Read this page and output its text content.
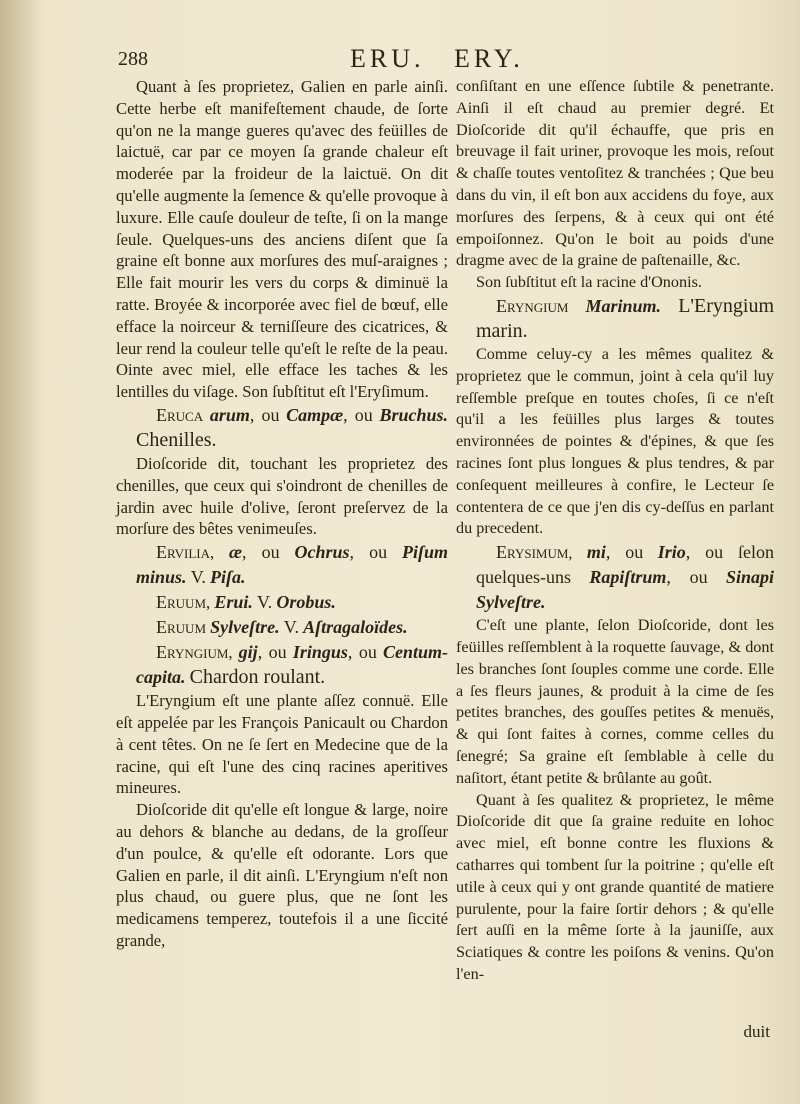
288	ERU. ERY.

Quant à ſes proprietez, Galien en parle ainſi. Cette herbe eſt manifeſtement chaude, de ſorte qu'on ne la mange gueres qu'avec des feüilles de laictuë, car par ce moyen ſa grande chaleur eſt moderée par la froideur de la laictuë. On dit qu'elle augmente la ſemence & qu'elle provoque à luxure. Elle cauſe douleur de teſte, ſi on la mange ſeule. Quelques-uns des anciens diſent que ſa graine eſt bonne aux morſures des muſ-araignes ; Elle fait mourir les vers du corps & diminuë la ratte. Broyée & incorporée avec fiel de bœuf, elle efface la noirceur & terniſſeure des cicatrices, & leur rend la couleur telle qu'eſt le reſte de la peau. Ointe avec miel, elle efface les taches & les lentilles du viſage. Son ſubſtitut eſt l'Eryſimum.

Eruca arum, ou Campæ, ou Bruchus. Chenilles.

Dioſcoride dit, touchant les proprietez des chenilles, que ceux qui s'oindront de chenilles de jardin avec huile d'olive, ſeront preſervez de la morſure des bêtes venimeuſes.

Ervilia, æ, ou Ochrus, ou Piſum minus. V. Piſa.

Eruum, Erui. V. Orobus.

Eruum Sylveſtre. V. Aſtragaloïdes.

Eryngium, gij, ou Iringus, ou Centum-capita. Chardon roulant.

L'Eryngium eſt une plante aſſez connuë. Elle eſt appelée par les François Panicault ou Chardon à cent têtes. On ne ſe ſert en Medecine que de la racine, qui eſt l'une des cinq racines aperitives mineures.

Dioſcoride dit qu'elle eſt longue & large, noire au dehors & blanche au dedans, de la groſſeur d'un poulce, & qu'elle eſt odorante. Lors que Galien en parle, il dit ainſi. L'Eryngium n'eſt non plus chaud, ou guere plus, que ne ſont les medicamens temperez, toutefois il a une ſiccité grande,

conſiſtant en une eſſence ſubtile & penetrante. Ainſi il eſt chaud au premier degré. Et Dioſcoride dit qu'il échauffe, que pris en breuvage il fait uriner, provoque les mois, reſout & chaſſe toutes ventoſitez & tranchées ; Que beu dans du vin, il eſt bon aux accidens du foye, aux morſures des ſerpens, & à ceux qui ont été empoiſonnez. Qu'on le boit au poids d'une dragme avec de la graine de paſtenaille, &c.

Son ſubſtitut eſt la racine d'Ononis.

Eryngium Marinum. L'Eryngium marin.

Comme celuy-cy a les mêmes qualitez & proprietez que le commun, joint à cela qu'il luy reſſemble preſque en toutes choſes, ſi ce n'eſt qu'il a les feüilles plus larges & toutes environnées de pointes & d'épines, & que ſes racines ſont plus longues & plus tendres, & par conſequent meilleures à confire, le Lecteur ſe contentera de ce que j'en dis cy-deſſus en parlant du precedent.

Erysimum, mi, ou Irio, ou ſelon quelques-uns Rapiſtrum, ou Sinapi Sylveſtre.

C'eſt une plante, ſelon Dioſcoride, dont les feüilles reſſemblent à la roquette ſauvage, & dont les branches ſont ſouples comme une corde. Elle a ſes fleurs jaunes, & produit à la cime de ſes petites branches, des gouſſes petites & menuës, & qui ſont faites à cornes, comme celles du ſenegré; Sa graine eſt ſemblable à celle du naſitort, étant petite & brûlante au goût.

Quant à ſes qualitez & proprietez, le même Dioſcoride dit que ſa graine reduite en lohoc avec miel, eſt bonne contre les fluxions & catharres qui tombent ſur la poitrine ; qu'elle eſt utile à ceux qui y ont grande quantité de matiere purulente, pour la faire ſortir dehors ; & qu'elle ſert auſſi en la même ſorte à la jauniſſe, aux Sciatiques & contre les poiſons & venins. Qu'on l'en-

duit
